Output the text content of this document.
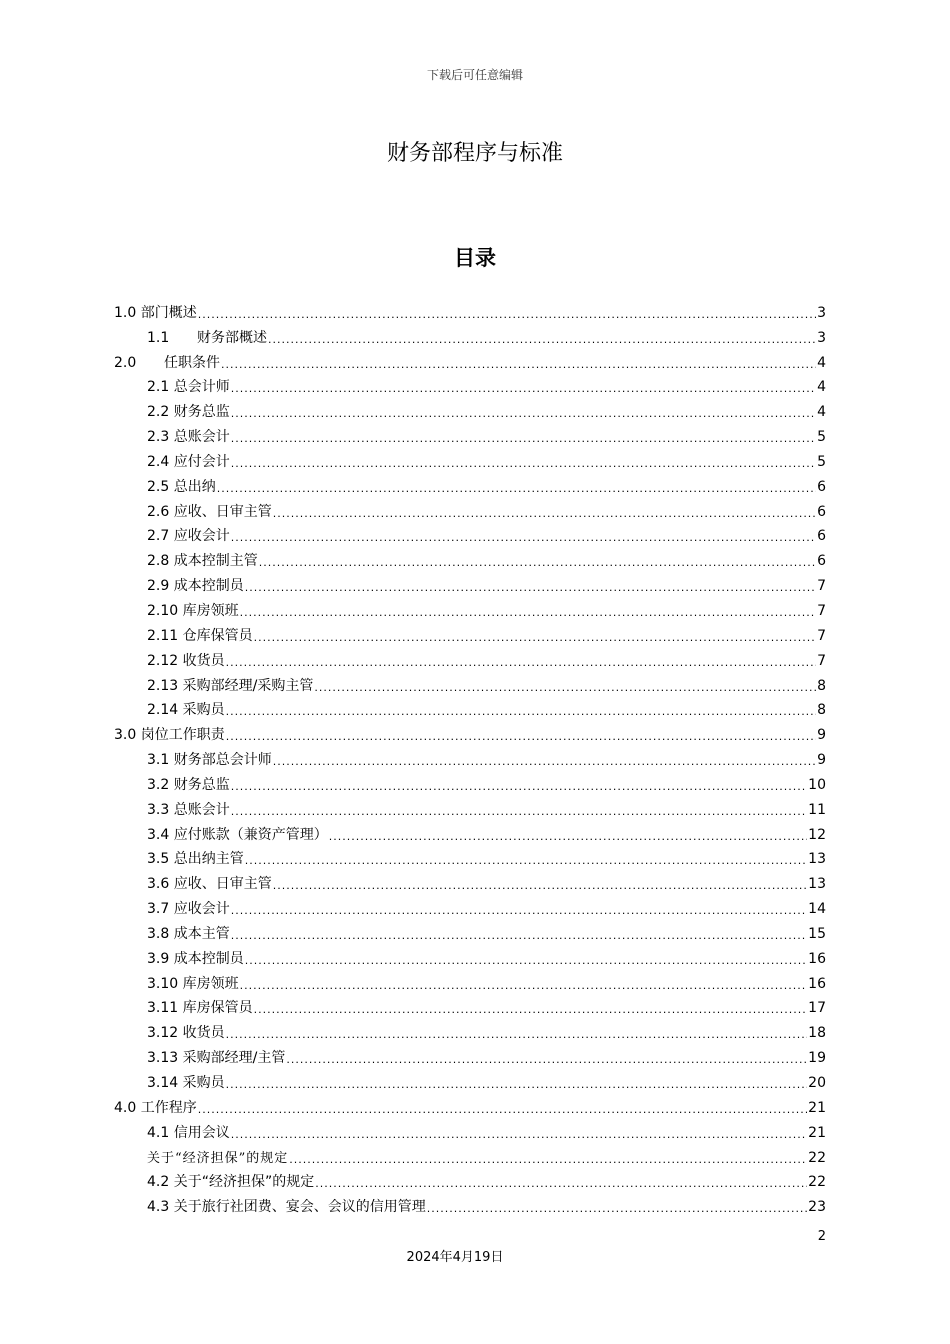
下载后可任意编辑
财务部程序与标准
目录
1.0 部门概述 .....	3
1.1 财务部概述 .....	3
2.0 任职条件 .....	4
2.1 总会计师 .....	4
2.2 财务总监 .....	4
2.3 总账会计 .....	5
2.4 应付会计 .....	5
2.5 总出纳 .....	6
2.6 应收、日审主管 .....	6
2.7 应收会计 .....	6
2.8 成本控制主管 .....	6
2.9 成本控制员 .....	7
2.10 库房领班 .....	7
2.11 仓库保管员 .....	7
2.12 收货员 .....	7
2.13 采购部经理/采购主管 .....	8
2.14 采购员 .....	8
3.0 岗位工作职责 .....	9
3.1 财务部总会计师 .....	9
3.2 财务总监 .....	10
3.3 总账会计 .....	11
3.4 应付账款（兼资产管理） .....	12
3.5 总出纳主管 .....	13
3.6 应收、日审主管 .....	13
3.7 应收会计 .....	14
3.8 成本主管 .....	15
3.9 成本控制员 .....	16
3.10 库房领班 .....	16
3.11 库房保管员 .....	17
3.12 收货员 .....	18
3.13 采购部经理/主管 .....	19
3.14 采购员 .....	20
4.0 工作程序 .....	21
4.1 信用会议 .....	21
关于“经济担保”的规定 .....	22
4.2 关于“经济担保”的规定 .....	22
4.3 关于旅行社团费、宴会、会议的信用管理 .....	23
2
2024年4月19日
